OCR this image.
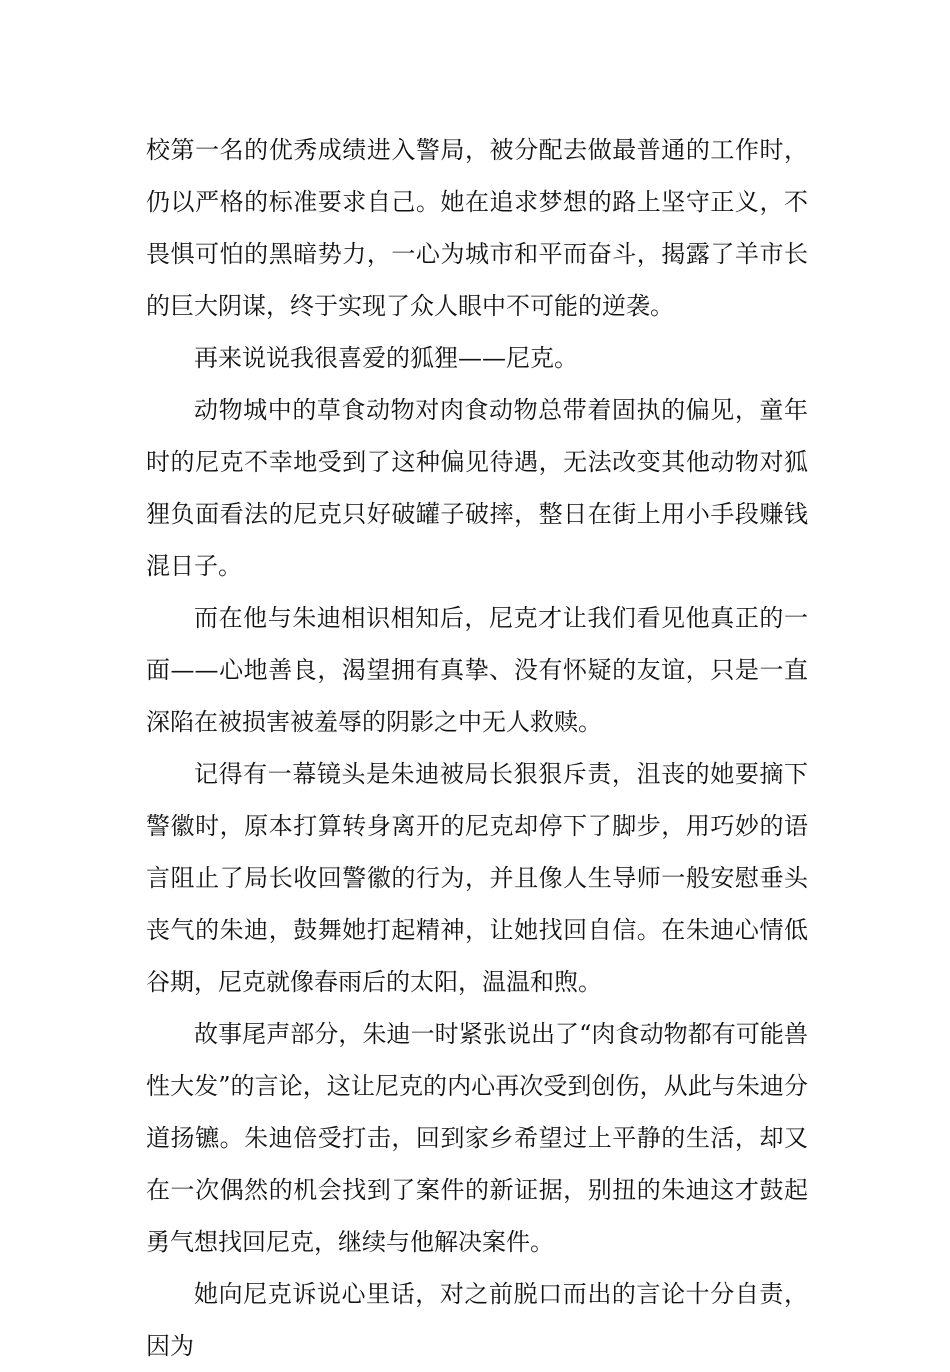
校第一名的优秀成绩进入警局，被分配去做最普通的工作时，仍以严格的标准要求自己。她在追求梦想的路上坚守正义，不畏惧可怕的黑暗势力，一心为城市和平而奋斗，揭露了羊市长的巨大阴谋，终于实现了众人眼中不可能的逆袭。

再来说说我很喜爱的狐狸——尼克。

动物城中的草食动物对肉食动物总带着固执的偏见，童年时的尼克不幸地受到了这种偏见待遇，无法改变其他动物对狐狸负面看法的尼克只好破罐子破摔，整日在街上用小手段赚钱混日子。

而在他与朱迪相识相知后，尼克才让我们看见他真正的一面——心地善良，渴望拥有真挚、没有怀疑的友谊，只是一直深陷在被损害被羞辱的阴影之中无人救赎。

记得有一幕镜头是朱迪被局长狠狠斥责，沮丧的她要摘下警徽时，原本打算转身离开的尼克却停下了脚步，用巧妙的语言阻止了局长收回警徽的行为，并且像人生导师一般安慰垂头丧气的朱迪，鼓舞她打起精神，让她找回自信。在朱迪心情低谷期，尼克就像春雨后的太阳，温温和煦。

故事尾声部分，朱迪一时紧张说出了“肉食动物都有可能兽性大发”的言论，这让尼克的内心再次受到创伤，从此与朱迪分道扬镳。朱迪倍受打击，回到家乡希望过上平静的生活，却又在一次偶然的机会找到了案件的新证据，别扭的朱迪这才鼓起勇气想找回尼克，继续与他解决案件。

她向尼克诉说心里话，对之前脱口而出的言论十分自责，因为
